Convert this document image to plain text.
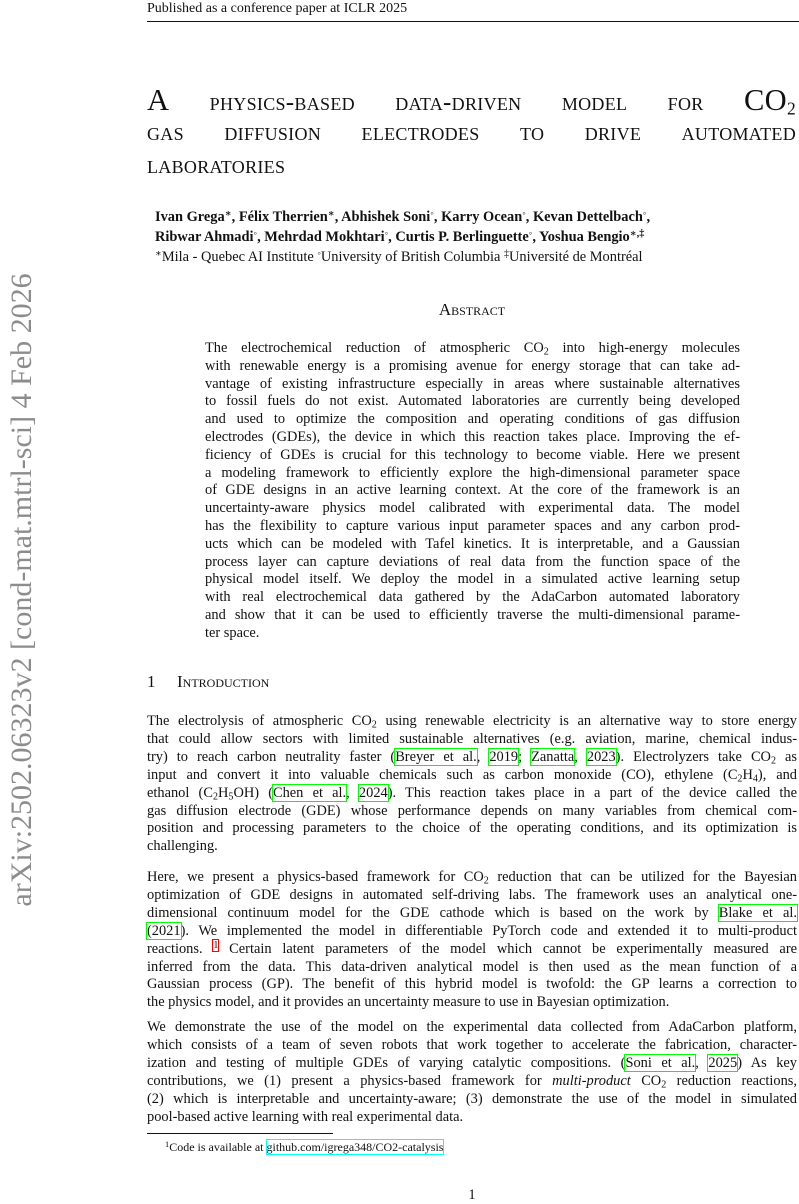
Published as a conference paper at ICLR 2025
arXiv:2502.06323v2 [cond-mat.mtrl-sci] 4 Feb 2026
A physics-based data-driven model for $CO_2$
gas diffusion electrodes to drive automated
laboratories
Ivan Grega∗, Félix Therrien∗, Abhishek Soni◦, Karry Ocean◦, Kevan Dettelbach◦,
Ribwar Ahmadi◦, Mehrdad Mokhtari◦, Curtis P. Berlinguette◦, Yoshua Bengio∗,‡
∗Mila - Quebec AI Institute ◦University of British Columbia ‡Université de Montréal
Abstract
The electrochemical reduction of atmospheric $CO_2$ into high-energy molecules
with renewable energy is a promising avenue for energy storage that can take ad-
vantage of existing infrastructure especially in areas where sustainable alternatives
to fossil fuels do not exist. Automated laboratories are currently being developed
and used to optimize the composition and operating conditions of gas diffusion
electrodes (GDEs), the device in which this reaction takes place. Improving the ef-
ficiency of GDEs is crucial for this technology to become viable. Here we present
a modeling framework to efficiently explore the high-dimensional parameter space
of GDE designs in an active learning context. At the core of the framework is an
uncertainty-aware physics model calibrated with experimental data. The model
has the flexibility to capture various input parameter spaces and any carbon prod-
ucts which can be modeled with Tafel kinetics. It is interpretable, and a Gaussian
process layer can capture deviations of real data from the function space of the
physical model itself. We deploy the model in a simulated active learning setup
with real electrochemical data gathered by the AdaCarbon automated laboratory
and show that it can be used to efficiently traverse the multi-dimensional parame-
ter space.
1 Introduction
The electrolysis of atmospheric $CO_2$ using renewable electricity is an alternative way to store energy
that could allow sectors with limited sustainable alternatives (e.g. aviation, marine, chemical indus-
try) to reach carbon neutrality faster (Breyer et al., 2019; Zanatta, 2023). Electrolyzers take $CO_2$ as
input and convert it into valuable chemicals such as carbon monoxide (CO), ethylene $(C_2H_4)$, and
ethanol $(C_2H_5OH)$ (Chen et al., 2024). This reaction takes place in a part of the device called the
gas diffusion electrode (GDE) whose performance depends on many variables from chemical com-
position and processing parameters to the choice of the operating conditions, and its optimization is
challenging.
Here, we present a physics-based framework for $CO_2$ reduction that can be utilized for the Bayesian
optimization of GDE designs in automated self-driving labs. The framework uses an analytical one-
dimensional continuum model for the GDE cathode which is based on the work by Blake et al.
(2021). We implemented the model in differentiable PyTorch code and extended it to multi-product
reactions. $^1$ Certain latent parameters of the model which cannot be experimentally measured are
inferred from the data. This data-driven analytical model is then used as the mean function of a
Gaussian process (GP). The benefit of this hybrid model is twofold: the GP learns a correction to
the physics model, and it provides an uncertainty measure to use in Bayesian optimization.
We demonstrate the use of the model on the experimental data collected from AdaCarbon platform,
which consists of a team of seven robots that work together to accelerate the fabrication, character-
ization and testing of multiple GDEs of varying catalytic compositions. (Soni et al., 2025) As key
contributions, we (1) present a physics-based framework for multi-product $CO_2$ reduction reactions,
(2) which is interpretable and uncertainty-aware; (3) demonstrate the use of the model in simulated
pool-based active learning with real experimental data.
$^1$Code is available at github.com/igrega348/CO2-catalysis
1
